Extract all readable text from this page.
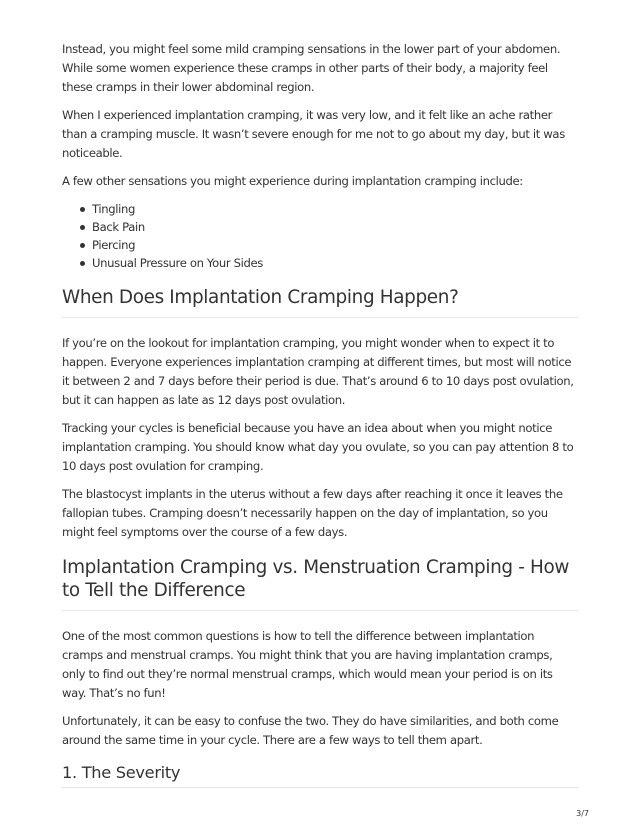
Instead, you might feel some mild cramping sensations in the lower part of your abdomen. While some women experience these cramps in other parts of their body, a majority feel these cramps in their lower abdominal region.

When I experienced implantation cramping, it was very low, and it felt like an ache rather than a cramping muscle. It wasn’t severe enough for me not to go about my day, but it was noticeable.

A few other sensations you might experience during implantation cramping include:

Tingling
Back Pain
Piercing
Unusual Pressure on Your Sides
When Does Implantation Cramping Happen?

If you’re on the lookout for implantation cramping, you might wonder when to expect it to happen. Everyone experiences implantation cramping at different times, but most will notice it between 2 and 7 days before their period is due. That’s around 6 to 10 days post ovulation, but it can happen as late as 12 days post ovulation.

Tracking your cycles is beneficial because you have an idea about when you might notice implantation cramping. You should know what day you ovulate, so you can pay attention 8 to 10 days post ovulation for cramping.

The blastocyst implants in the uterus without a few days after reaching it once it leaves the fallopian tubes. Cramping doesn’t necessarily happen on the day of implantation, so you might feel symptoms over the course of a few days.

Implantation Cramping vs. Menstruation Cramping - How to Tell the Difference

One of the most common questions is how to tell the difference between implantation cramps and menstrual cramps. You might think that you are having implantation cramps, only to find out they’re normal menstrual cramps, which would mean your period is on its way. That’s no fun!

Unfortunately, it can be easy to confuse the two. They do have similarities, and both come around the same time in your cycle. There are a few ways to tell them apart.

1. The Severity
3/7
